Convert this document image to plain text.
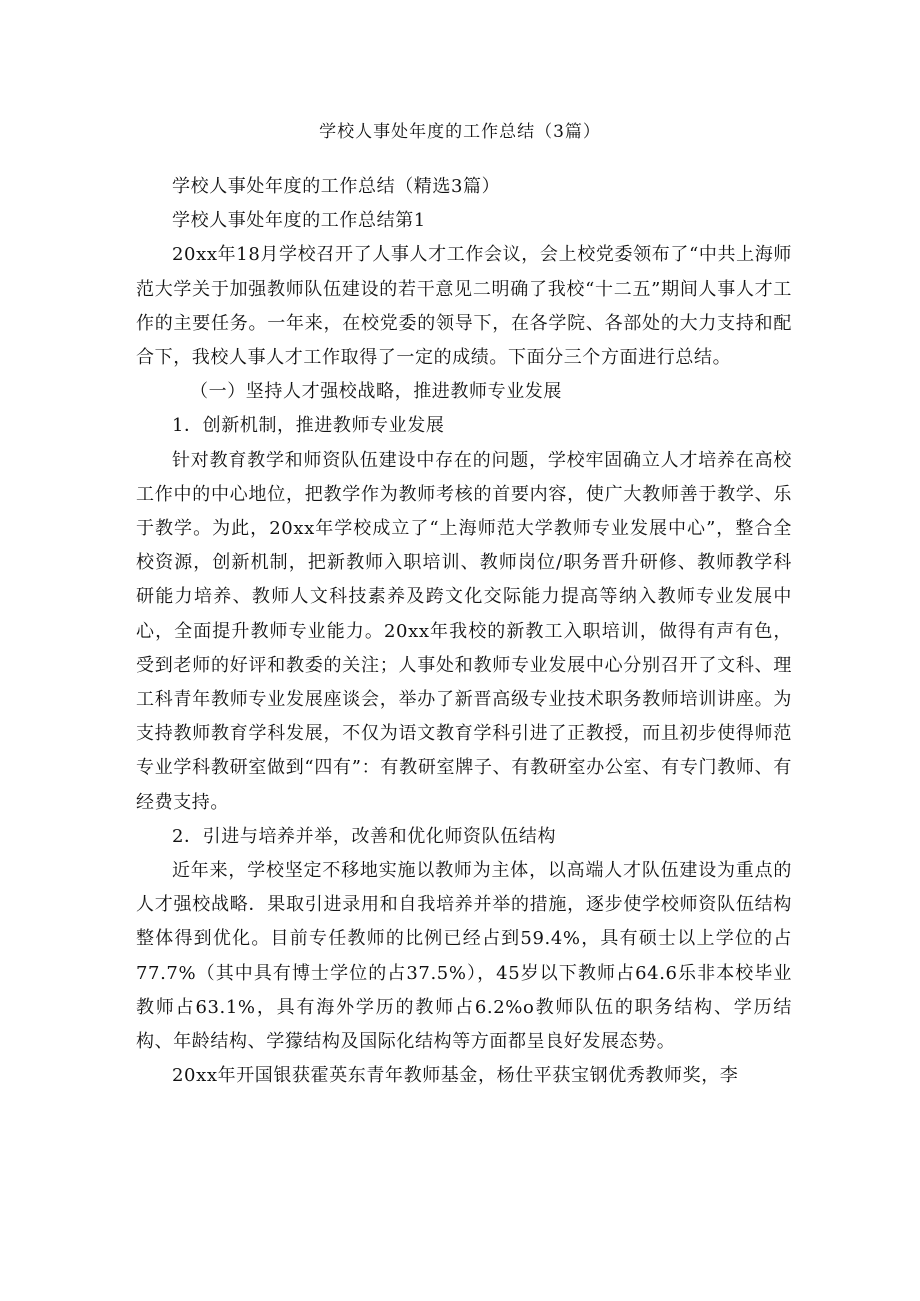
学校人事处年度的工作总结（3篇）

学校人事处年度的工作总结（精选3篇）

学校人事处年度的工作总结第1

20xx年18月学校召开了人事人才工作会议，会上校党委领布了“中共上海师范大学关于加强教师队伍建设的若干意见二明确了我校“十二五”期间人事人才工作的主要任务。一年来，在校党委的领导下，在各学院、各部处的大力支持和配合下，我校人事人才工作取得了一定的成绩。下面分三个方面进行总结。

（一）坚持人才强校战略，推进教师专业发展

1．创新机制，推进教师专业发展

针对教育教学和师资队伍建设中存在的问题，学校牢固确立人才培养在高校工作中的中心地位，把教学作为教师考核的首要内容，使广大教师善于教学、乐于教学。为此，20xx年学校成立了“上海师范大学教师专业发展中心”，整合全校资源，创新机制，把新教师入职培训、教师岗位/职务晋升研修、教师教学科研能力培养、教师人文科技素养及跨文化交际能力提高等纳入教师专业发展中心，全面提升教师专业能力。20xx年我校的新教工入职培训，做得有声有色，受到老师的好评和教委的关注；人事处和教师专业发展中心分别召开了文科、理工科青年教师专业发展座谈会，举办了新晋高级专业技术职务教师培训讲座。为支持教师教育学科发展，不仅为语文教育学科引进了正教授，而且初步使得师范专业学科教研室做到“四有”：有教研室牌子、有教研室办公室、有专门教师、有经费支持。

2．引进与培养并举，改善和优化师资队伍结构

近年来，学校坚定不移地实施以教师为主体，以高端人才队伍建设为重点的人才强校战略．果取引进录用和自我培养并举的措施，逐步使学校师资队伍结构整体得到优化。目前专任教师的比例已经占到59.4%，具有硕士以上学位的占77.7%（其中具有博士学位的占37.5%），45岁以下教师占64.6乐非本校毕业教师占63.1%，具有海外学历的教师占6.2%o教师队伍的职务结构、学历结构、年龄结构、学獴结构及国际化结构等方面都呈良好发展态势。

20xx年开国银获霍英东青年教师基金，杨仕平获宝钢优秀教师奖，李
